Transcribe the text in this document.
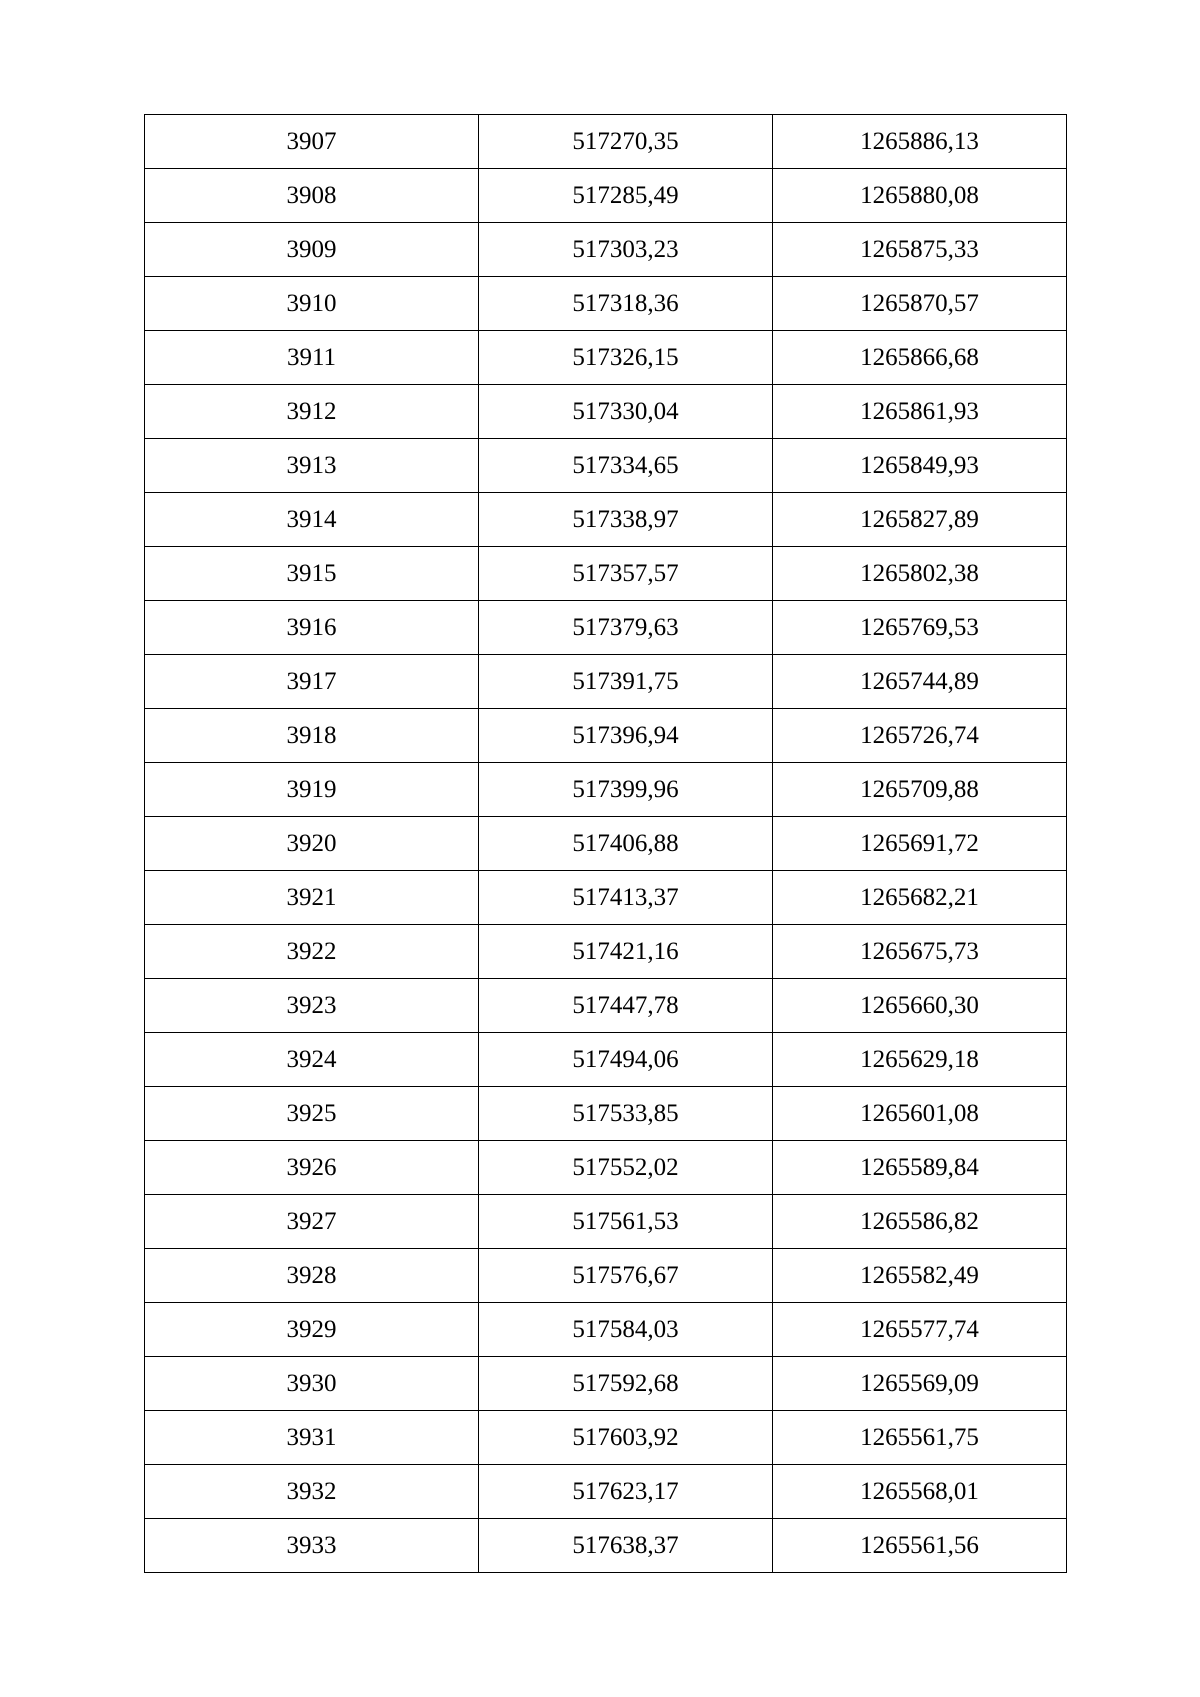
3907	517270,35	1265886,13
3908	517285,49	1265880,08
3909	517303,23	1265875,33
3910	517318,36	1265870,57
3911	517326,15	1265866,68
3912	517330,04	1265861,93
3913	517334,65	1265849,93
3914	517338,97	1265827,89
3915	517357,57	1265802,38
3916	517379,63	1265769,53
3917	517391,75	1265744,89
3918	517396,94	1265726,74
3919	517399,96	1265709,88
3920	517406,88	1265691,72
3921	517413,37	1265682,21
3922	517421,16	1265675,73
3923	517447,78	1265660,30
3924	517494,06	1265629,18
3925	517533,85	1265601,08
3926	517552,02	1265589,84
3927	517561,53	1265586,82
3928	517576,67	1265582,49
3929	517584,03	1265577,74
3930	517592,68	1265569,09
3931	517603,92	1265561,75
3932	517623,17	1265568,01
3933	517638,37	1265561,56
